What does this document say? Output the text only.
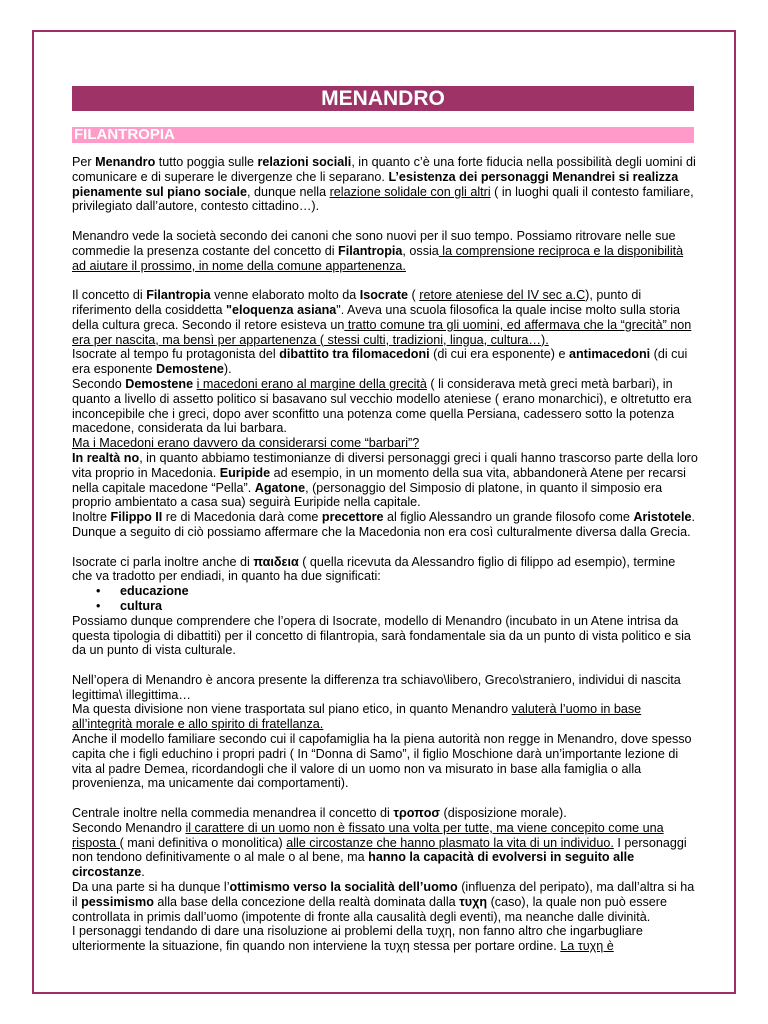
MENANDRO
FILANTROPIA

Per Menandro tutto poggia sulle relazioni sociali, in quanto c’è una forte fiducia nella possibilità degli uomini di comunicare e di superare le divergenze che li separano. L’esistenza dei personaggi Menandrei si realizza pienamente sul piano sociale, dunque nella relazione solidale con gli altri ( in luoghi quali il contesto familiare, privilegiato dall’autore, contesto cittadino…).

Menandro vede la società secondo dei canoni che sono nuovi per il suo tempo. Possiamo ritrovare nelle sue commedie la presenza costante del concetto di Filantropia, ossia la comprensione reciproca e la disponibilità ad aiutare il prossimo, in nome della comune appartenenza.

Il concetto di Filantropia venne elaborato molto da Isocrate ( retore ateniese del IV sec a.C), punto di riferimento della cosiddetta "eloquenza asiana". Aveva una scuola filosofica la quale incise molto sulla storia della cultura greca. Secondo il retore esisteva un tratto comune tra gli uomini, ed affermava che la “grecità” non era per nascita, ma bensì per appartenenza ( stessi culti, tradizioni, lingua, cultura…).

Isocrate al tempo fu protagonista del dibattito tra filomacedoni (di cui era esponente) e antimacedoni (di cui era esponente Demostene).

Secondo Demostene i macedoni erano al margine della grecità ( li considerava metà greci metà barbari), in quanto a livello di assetto politico si basavano sul vecchio modello ateniese ( erano monarchici), e oltretutto era inconcepibile che i greci, dopo aver sconfitto una potenza come quella Persiana, cadessero sotto la potenza macedone, considerata da lui barbara.

Ma i Macedoni erano davvero da considerarsi come “barbari”?

In realtà no, in quanto abbiamo testimonianze di diversi personaggi greci i quali hanno trascorso parte della loro vita proprio in Macedonia. Euripide ad esempio, in un momento della sua vita, abbandonerà Atene per recarsi nella capitale macedone “Pella”. Agatone, (personaggio del Simposio di platone, in quanto il simposio era proprio ambientato a casa sua) seguirà Euripide nella capitale.

Inoltre Filippo II re di Macedonia darà come precettore al figlio Alessandro un grande filosofo come Aristotele. Dunque a seguito di ciò possiamo affermare che la Macedonia non era così culturalmente diversa dalla Grecia.

Isocrate ci parla inoltre anche di παιδεια ( quella ricevuta da Alessandro figlio di filippo ad esempio), termine che va tradotto per endiadi, in quanto ha due significati:

• educazione
• cultura

Possiamo dunque comprendere che l’opera di Isocrate, modello di Menandro (incubato in un Atene intrisa da questa tipologia di dibattiti) per il concetto di filantropia, sarà fondamentale sia da un punto di vista politico e sia da un punto di vista culturale.

Nell’opera di Menandro è ancora presente la differenza tra schiavo\libero, Greco\straniero, individui di nascita legittima\ illegittima…

Ma questa divisione non viene trasportata sul piano etico, in quanto Menandro valuterà l’uomo in base all’integrità morale e allo spirito di fratellanza.

Anche il modello familiare secondo cui il capofamiglia ha la piena autorità non regge in Menandro, dove spesso capita che i figli educhino i propri padri ( In “Donna di Samo”, il figlio Moschione darà un’importante lezione di vita al padre Demea, ricordandogli che il valore di un uomo non va misurato in base alla famiglia o alla provenienza, ma unicamente dai comportamenti).

Centrale inoltre nella commedia menandrea il concetto di τροπoσ (disposizione morale).

Secondo Menandro il carattere di un uomo non è fissato una volta per tutte, ma viene concepito come una risposta ( mani definitiva o monolitica) alle circostanze che hanno plasmato la vita di un individuo. I personaggi non tendono definitivamente o al male o al bene, ma hanno la capacità di evolversi in seguito alle circostanze.

Da una parte si ha dunque l’ottimismo verso la socialità dell’uomo (influenza del peripato), ma dall’altra si ha il pessimismo alla base della concezione della realtà dominata dalla τυχη (caso), la quale non può essere controllata in primis dall’uomo (impotente di fronte alla causalità degli eventi), ma neanche dalle divinità.

I personaggi tendando di dare una risoluzione ai problemi della τυχη, non fanno altro che ingarbugliare ulteriormente la situazione, fin quando non interviene la τυχη stessa per portare ordine. La τυχη è
